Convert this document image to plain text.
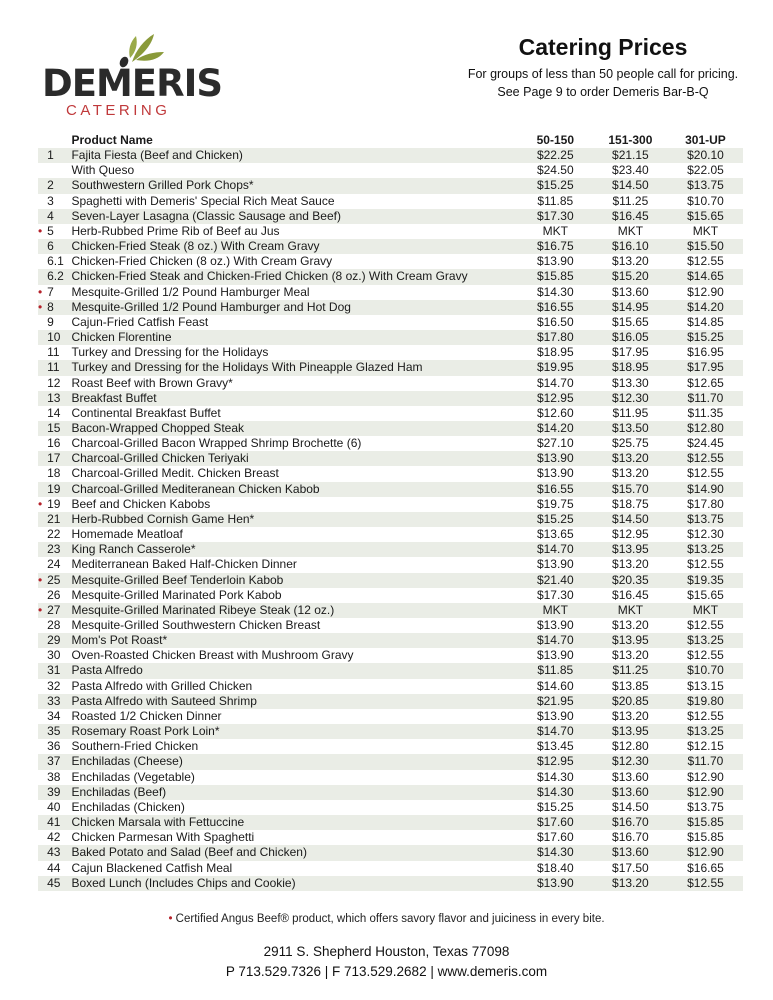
DEMERIS
CATERING
Catering Prices
For groups of less than 50 people call for pricing.
See Page 9 to order Demeris Bar-B-Q
		Product Name	50-150	151-300	301-UP
	1	Fajita Fiesta (Beef and Chicken)	$22.25	$21.15	$20.10
		With Queso	$24.50	$23.40	$22.05
	2	Southwestern Grilled Pork Chops*	$15.25	$14.50	$13.75
	3	Spaghetti with Demeris' Special Rich Meat Sauce	$11.85	$11.25	$10.70
	4	Seven-Layer Lasagna (Classic Sausage and Beef)	$17.30	$16.45	$15.65
•	5	Herb-Rubbed Prime Rib of Beef au Jus	MKT	MKT	MKT
	6	Chicken-Fried Steak (8 oz.) With Cream Gravy	$16.75	$16.10	$15.50
	6.1	Chicken-Fried Chicken (8 oz.) With Cream Gravy	$13.90	$13.20	$12.55
	6.2	Chicken-Fried Steak and Chicken-Fried Chicken (8 oz.) With Cream Gravy	$15.85	$15.20	$14.65
•	7	Mesquite-Grilled 1/2 Pound Hamburger Meal	$14.30	$13.60	$12.90
•	8	Mesquite-Grilled 1/2 Pound Hamburger and Hot Dog	$16.55	$14.95	$14.20
	9	Cajun-Fried Catfish Feast	$16.50	$15.65	$14.85
	10	Chicken Florentine	$17.80	$16.05	$15.25
	11	Turkey and Dressing for the Holidays	$18.95	$17.95	$16.95
	11	Turkey and Dressing for the Holidays With Pineapple Glazed Ham	$19.95	$18.95	$17.95
	12	Roast Beef with Brown Gravy*	$14.70	$13.30	$12.65
	13	Breakfast Buffet	$12.95	$12.30	$11.70
	14	Continental Breakfast Buffet	$12.60	$11.95	$11.35
	15	Bacon-Wrapped Chopped Steak	$14.20	$13.50	$12.80
	16	Charcoal-Grilled Bacon Wrapped Shrimp Brochette (6)	$27.10	$25.75	$24.45
	17	Charcoal-Grilled Chicken Teriyaki	$13.90	$13.20	$12.55
	18	Charcoal-Grilled Medit. Chicken Breast	$13.90	$13.20	$12.55
	19	Charcoal-Grilled Mediteranean Chicken Kabob	$16.55	$15.70	$14.90
•	19	Beef and Chicken Kabobs	$19.75	$18.75	$17.80
	21	Herb-Rubbed Cornish Game Hen*	$15.25	$14.50	$13.75
	22	Homemade Meatloaf	$13.65	$12.95	$12.30
	23	King Ranch Casserole*	$14.70	$13.95	$13.25
	24	Mediterranean Baked Half-Chicken Dinner	$13.90	$13.20	$12.55
•	25	Mesquite-Grilled Beef Tenderloin Kabob	$21.40	$20.35	$19.35
	26	Mesquite-Grilled Marinated Pork Kabob	$17.30	$16.45	$15.65
•	27	Mesquite-Grilled Marinated Ribeye Steak (12 oz.)	MKT	MKT	MKT
	28	Mesquite-Grilled Southwestern Chicken Breast	$13.90	$13.20	$12.55
	29	Mom's Pot Roast*	$14.70	$13.95	$13.25
	30	Oven-Roasted Chicken Breast with Mushroom Gravy	$13.90	$13.20	$12.55
	31	Pasta Alfredo	$11.85	$11.25	$10.70
	32	Pasta Alfredo with Grilled Chicken	$14.60	$13.85	$13.15
	33	Pasta Alfredo with Sauteed Shrimp	$21.95	$20.85	$19.80
	34	Roasted 1/2 Chicken Dinner	$13.90	$13.20	$12.55
	35	Rosemary Roast Pork Loin*	$14.70	$13.95	$13.25
	36	Southern-Fried Chicken	$13.45	$12.80	$12.15
	37	Enchiladas (Cheese)	$12.95	$12.30	$11.70
	38	Enchiladas (Vegetable)	$14.30	$13.60	$12.90
	39	Enchiladas (Beef)	$14.30	$13.60	$12.90
	40	Enchiladas (Chicken)	$15.25	$14.50	$13.75
	41	Chicken Marsala with Fettuccine	$17.60	$16.70	$15.85
	42	Chicken Parmesan With Spaghetti	$17.60	$16.70	$15.85
	43	Baked Potato and Salad (Beef and Chicken)	$14.30	$13.60	$12.90
	44	Cajun Blackened Catfish Meal	$18.40	$17.50	$16.65
	45	Boxed Lunch (Includes Chips and Cookie)	$13.90	$13.20	$12.55
• Certified Angus Beef® product, which offers savory flavor and juiciness in every bite.
2911 S. Shepherd Houston, Texas 77098
P 713.529.7326 | F 713.529.2682 | www.demeris.com
